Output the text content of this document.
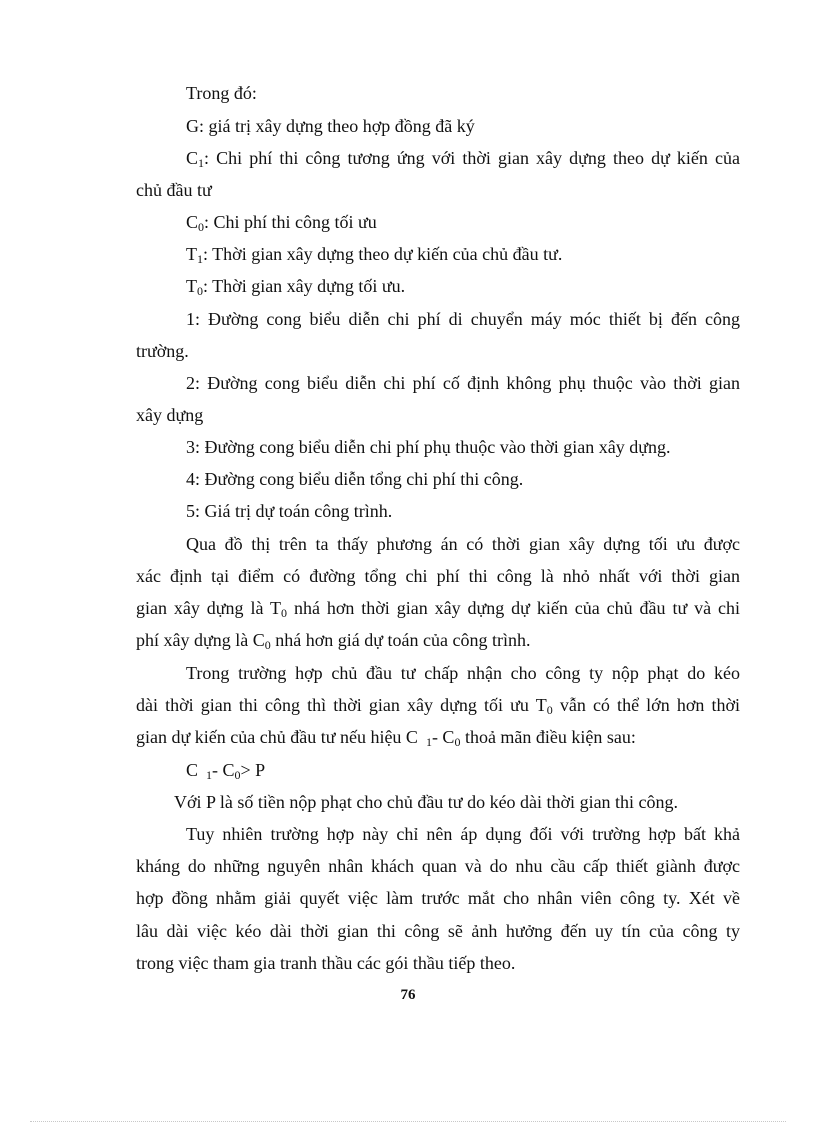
Trong đó:
G: giá trị xây dựng theo hợp đồng đã ký
$C_1$: Chi phí thi công tương ứng với thời gian xây dựng theo dự kiến của
chủ đầu tư
$C_0$: Chi phí thi công tối ưu
$T_1$: Thời gian xây dựng theo dự kiến của chủ đầu tư.
$T_0$: Thời gian xây dựng tối ưu.
1: Đường cong biểu diễn chi phí di chuyển máy móc thiết bị đến công
trường.
2: Đường cong biểu diễn chi phí cố định không phụ thuộc vào thời gian
xây dựng
3: Đường cong biểu diễn chi phí phụ thuộc vào thời gian xây dựng.
4: Đường cong biểu diễn tổng chi phí thi công.
5: Giá trị dự toán công trình.
Qua đồ thị trên ta thấy phương án có thời gian xây dựng tối ưu được
xác định tại điểm có đường tổng chi phí thi công là nhỏ nhất với thời gian
gian xây dựng là $T_0$ nhá hơn thời gian xây dựng dự kiến của chủ đầu tư và chi
phí xây dựng là $C_0$ nhá hơn giá dự toán của công trình.
Trong trường hợp chủ đầu tư chấp nhận cho công ty nộp phạt do kéo
dài thời gian thi công thì thời gian xây dựng tối ưu $T_0$ vẫn có thể lớn hơn thời
gian dự kiến của chủ đầu tư nếu hiệu C $_1$- $C_0$ thoả mãn điều kiện sau:
C $_1$- $C_0> P$
Với P là số tiền nộp phạt cho chủ đầu tư do kéo dài thời gian thi công.
Tuy nhiên trường hợp này chỉ nên áp dụng đối với trường hợp bất khả
kháng do những nguyên nhân khách quan và do nhu cầu cấp thiết giành được
hợp đồng nhằm giải quyết việc làm trước mắt cho nhân viên công ty. Xét về
lâu dài việc kéo dài thời gian thi công sẽ ảnh hưởng đến uy tín của công ty
trong việc tham gia tranh thầu các gói thầu tiếp theo.
76
